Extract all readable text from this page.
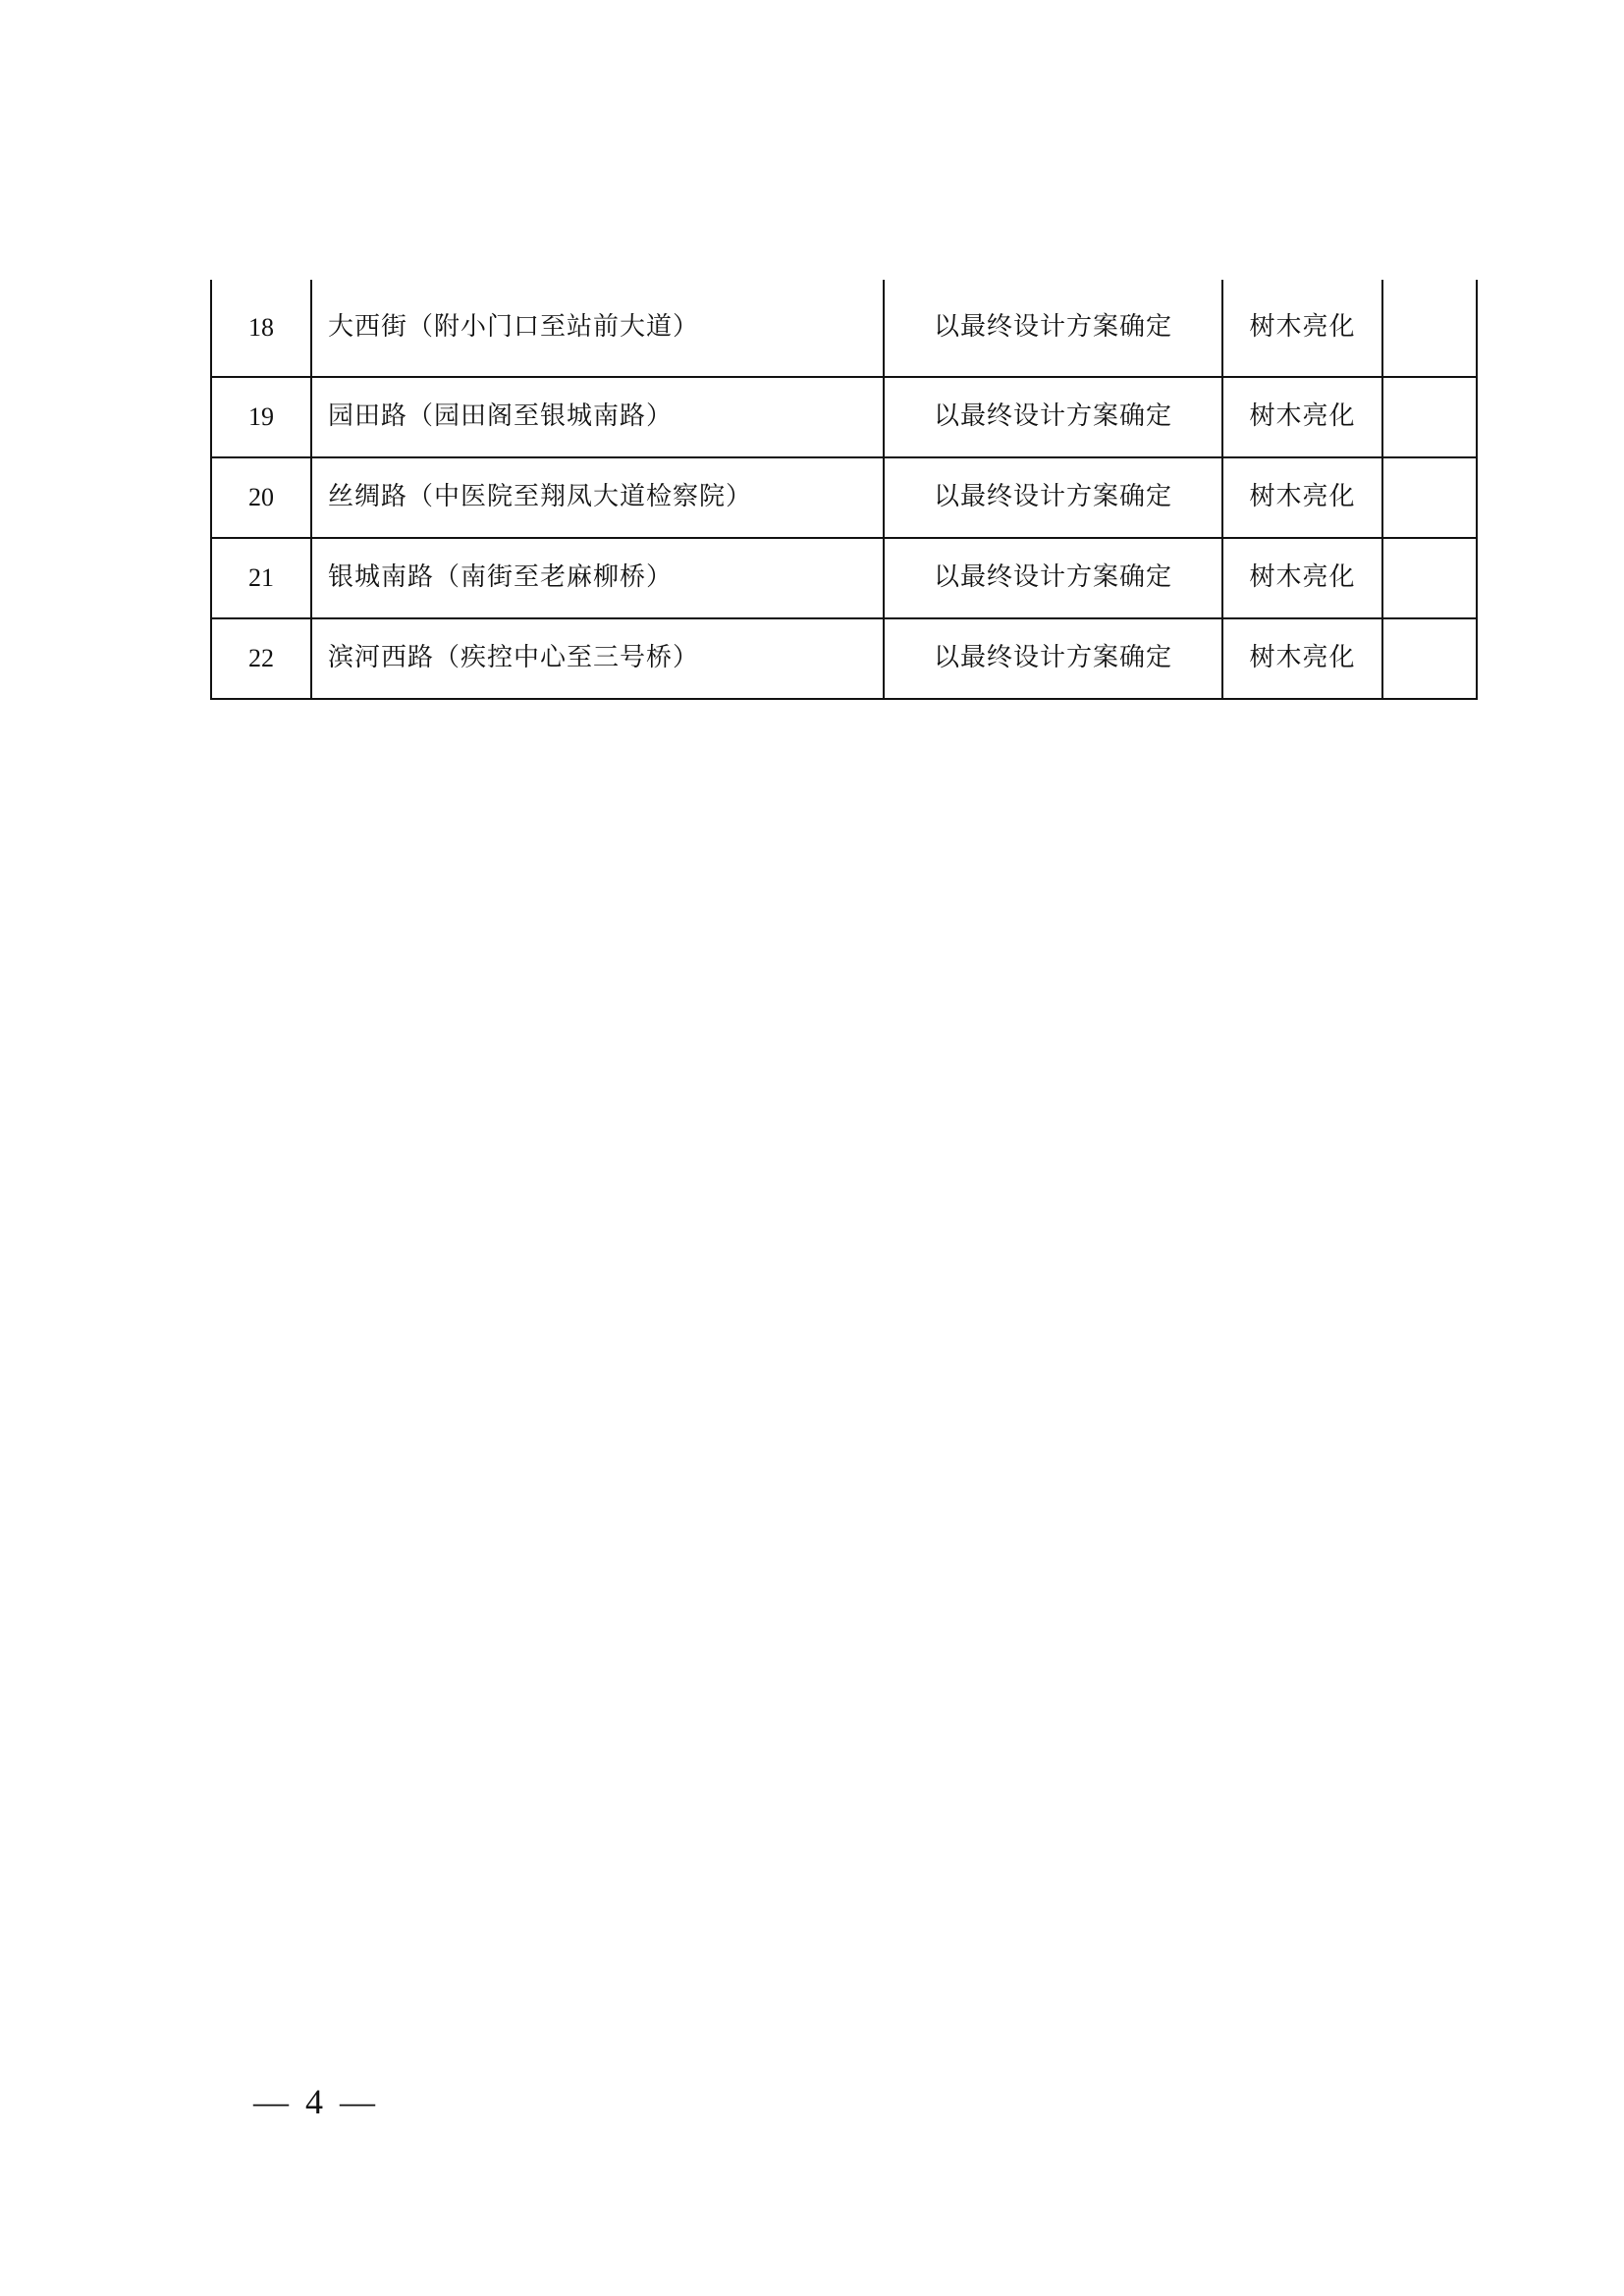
18	大西街（附小门口至站前大道）	以最终设计方案确定	树木亮化	
19	园田路（园田阁至银城南路）	以最终设计方案确定	树木亮化	
20	丝绸路（中医院至翔凤大道检察院）	以最终设计方案确定	树木亮化	
21	银城南路（南街至老麻柳桥）	以最终设计方案确定	树木亮化	
22	滨河西路（疾控中心至三号桥）	以最终设计方案确定	树木亮化	
— 4 —
